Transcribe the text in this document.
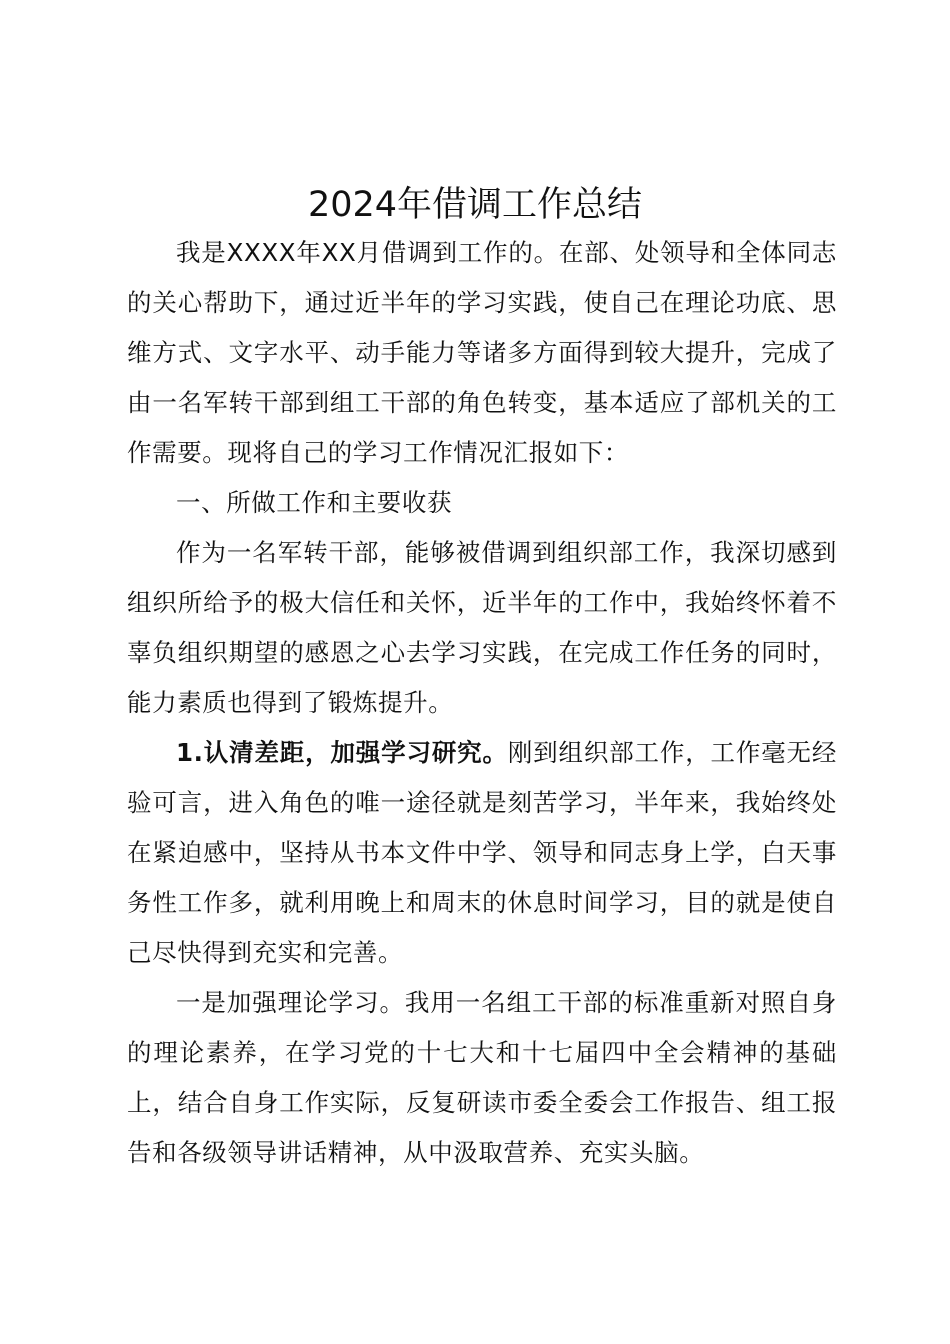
2024年借调工作总结

我是XXXX年XX月借调到工作的。在部、处领导和全体同志的关心帮助下，通过近半年的学习实践，使自己在理论功底、思维方式、文字水平、动手能力等诸多方面得到较大提升，完成了由一名军转干部到组工干部的角色转变，基本适应了部机关的工作需要。现将自己的学习工作情况汇报如下：

一、所做工作和主要收获

作为一名军转干部，能够被借调到组织部工作，我深切感到组织所给予的极大信任和关怀，近半年的工作中，我始终怀着不辜负组织期望的感恩之心去学习实践，在完成工作任务的同时，能力素质也得到了锻炼提升。

1.认清差距，加强学习研究。刚到组织部工作，工作毫无经验可言，进入角色的唯一途径就是刻苦学习，半年来，我始终处在紧迫感中，坚持从书本文件中学、领导和同志身上学，白天事务性工作多，就利用晚上和周末的休息时间学习，目的就是使自己尽快得到充实和完善。

一是加强理论学习。我用一名组工干部的标准重新对照自身的理论素养，在学习党的十七大和十七届四中全会精神的基础上，结合自身工作实际，反复研读市委全委会工作报告、组工报告和各级领导讲话精神，从中汲取营养、充实头脑。
